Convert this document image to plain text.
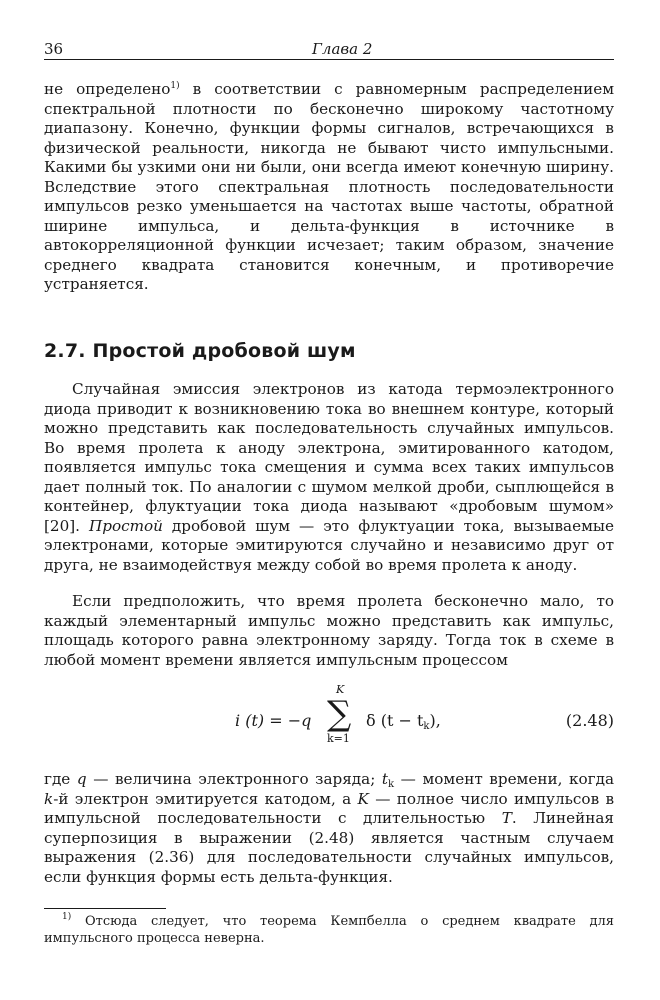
36	Глава 2

не определено$^{1)}$ в соответствии с равномерным распределением спектральной плотности по бесконечно широкому частотному диапазону. Конечно, функции формы сигналов, встречающихся в физической реальности, никогда не бывают чисто импульсными. Какими бы узкими они ни были, они всегда имеют конечную ширину. Вследствие этого спектральная плотность последовательности импульсов резко уменьшается на частотах выше частоты, обратной ширине импульса, и дельта-функция в источнике в автокорреляционной функции исчезает; таким образом, значение среднего квадрата становится конечным, и противоречие устраняется.

2.7. Простой дробовой шум

Случайная эмиссия электронов из катода термоэлектронного диода приводит к возникновению тока во внешнем контуре, который можно представить как последовательность случайных импульсов. Во время пролета к аноду электрона, эмитированного катодом, появляется импульс тока смещения и сумма всех таких импульсов дает полный ток. По аналогии с шумом мелкой дроби, сыплющейся в контейнер, флуктуации тока диода называют «дробовым шумом» [20]. Простой дробовой шум — это флуктуации тока, вызываемые электронами, которые эмитируются случайно и независимо друг от друга, не взаимодействуя между собой во время пролета к аноду.

Если предположить, что время пролета бесконечно мало, то каждый элементарный импульс можно представить как импульс, площадь которого равна электронному заряду. Тогда ток в схеме в любой момент времени является импульсным процессом

i (t) = −q
K
∑
k=1
δ $(t - t_k)$,	(2.48)

где q — величина электронного заряда; $t_k$ — момент времени, когда k-й электрон эмитируется катодом, а K — полное число импульсов в импульсной последовательности с длительностью T. Линейная суперпозиция в выражении (2.48) является частным случаем выражения (2.36) для последовательности случайных импульсов, если функция формы есть дельта-функция.

$^{1)}$ Отсюда следует, что теорема Кемпбелла о среднем квадрате для импульсного процесса неверна.
